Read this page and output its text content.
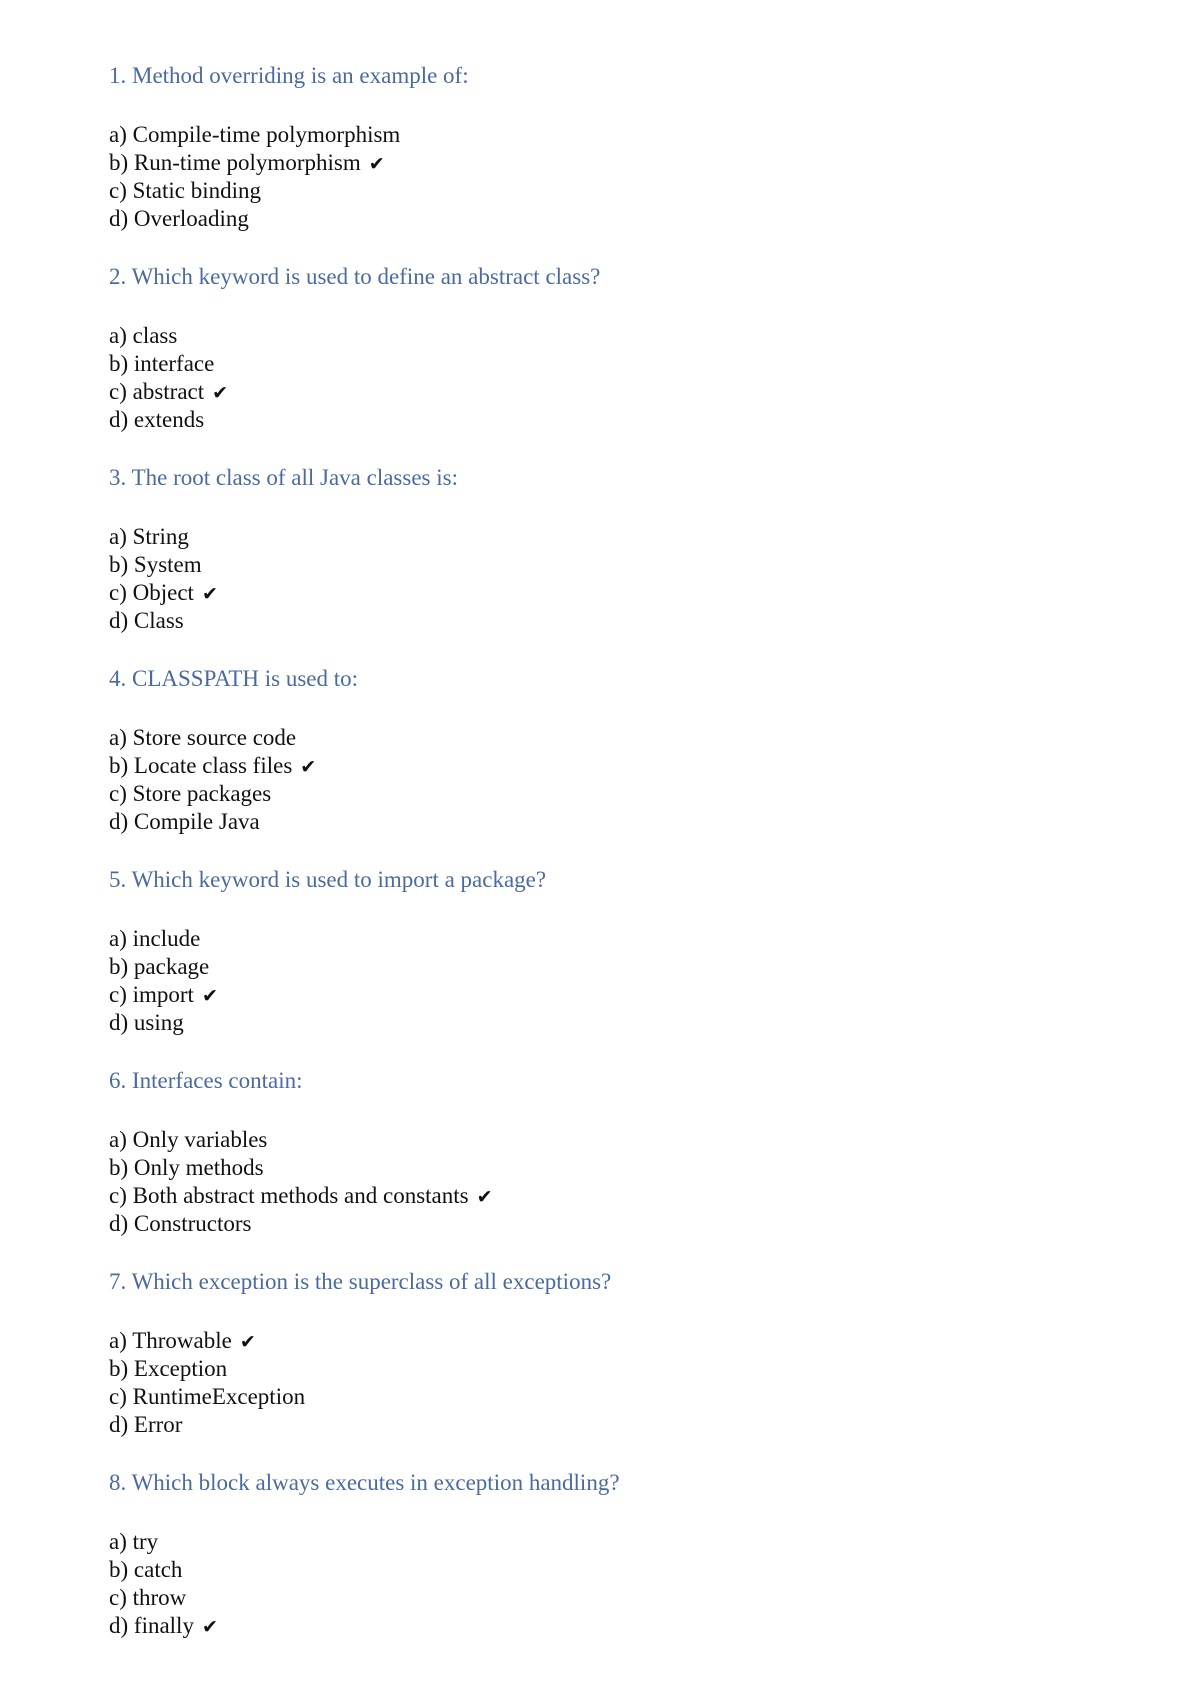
1. Method overriding is an example of:
a) Compile-time polymorphism
b) Run-time polymorphism ✔
c) Static binding
d) Overloading
2. Which keyword is used to define an abstract class?
a) class
b) interface
c) abstract ✔
d) extends
3. The root class of all Java classes is:
a) String
b) System
c) Object ✔
d) Class
4. CLASSPATH is used to:
a) Store source code
b) Locate class files ✔
c) Store packages
d) Compile Java
5. Which keyword is used to import a package?
a) include
b) package
c) import ✔
d) using
6. Interfaces contain:
a) Only variables
b) Only methods
c) Both abstract methods and constants ✔
d) Constructors
7. Which exception is the superclass of all exceptions?
a) Throwable ✔
b) Exception
c) RuntimeException
d) Error
8. Which block always executes in exception handling?
a) try
b) catch
c) throw
d) finally ✔
